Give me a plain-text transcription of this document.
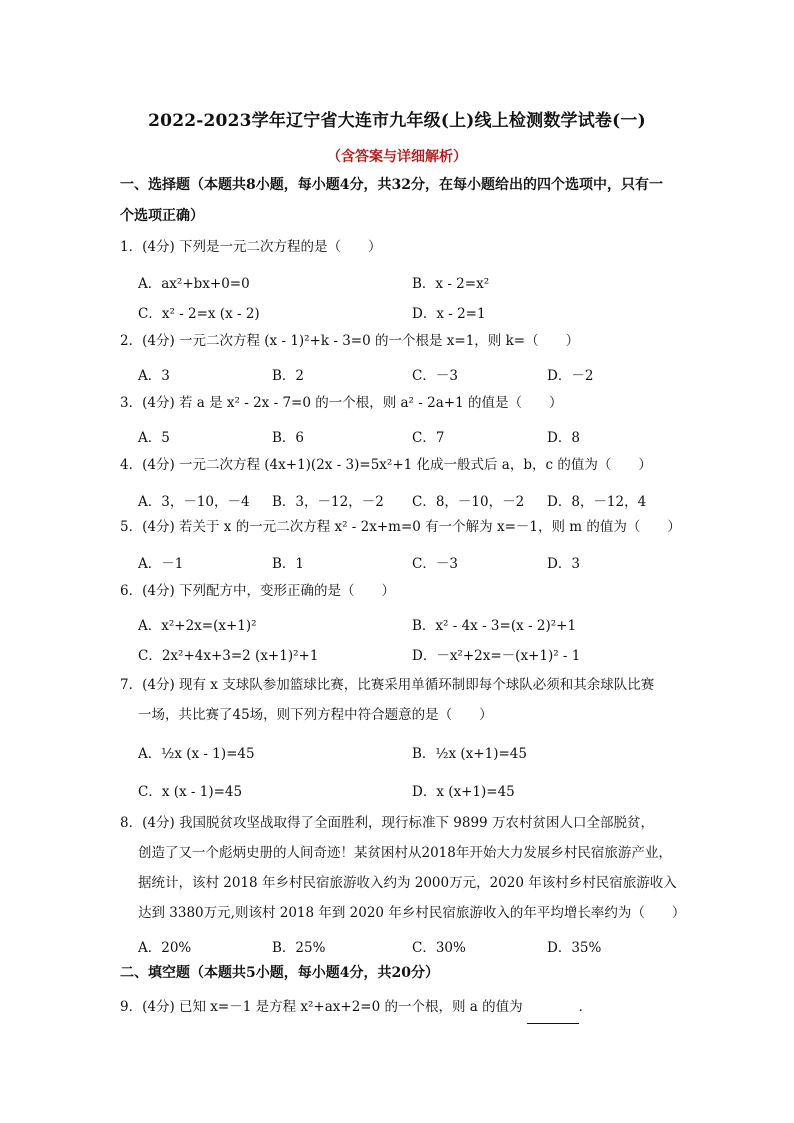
2022-2023学年辽宁省大连市九年级(上)线上检测数学试卷(一)
（含答案与详细解析）
一、选择题（本题共8小题，每小题4分，共32分，在每小题给出的四个选项中，只有一
个选项正确）
1．(4分) 下列是一元二次方程的是（　　）
A．ax²+bx+0=0	B．x - 2=x²
C．x² - 2=x (x - 2)	D．x - 2=1
2．(4分) 一元二次方程 (x - 1)²+k - 3=0 的一个根是 x=1，则 k=（　　）
A．3	B．2	C．－3	D．－2
3．(4分) 若 a 是 x² - 2x - 7=0 的一个根，则 a² - 2a+1 的值是（　　）
A．5	B．6	C．7	D．8
4．(4分) 一元二次方程 (4x+1)(2x - 3)=5x²+1 化成一般式后 a，b，c 的值为（　　）
A．3，－10，－4 B．3，－12，－2 C．8，－10，－2 D．8，－12，4
5．(4分) 若关于 x 的一元二次方程 x² - 2x+m=0 有一个解为 x=－1，则 m 的值为（　　）
A．－1	B．1	C．－3	D．3
6．(4分) 下列配方中，变形正确的是（　　）
A．x²+2x=(x+1)²	B．x² - 4x - 3=(x - 2)²+1
C．2x²+4x+3=2 (x+1)²+1	D．－x²+2x=－(x+1)² - 1
7．(4分) 现有 x 支球队参加篮球比赛，比赛采用单循环制即每个球队必须和其余球队比赛
一场，共比赛了45场，则下列方程中符合题意的是（　　）
A．½x (x - 1)=45	B．½x (x+1)=45
C．x (x - 1)=45	D．x (x+1)=45
8．(4分) 我国脱贫攻坚战取得了全面胜利，现行标准下 9899 万农村贫困人口全部脱贫，
创造了又一个彪炳史册的人间奇迹！某贫困村从2018年开始大力发展乡村民宿旅游产业，
据统计，该村 2018 年乡村民宿旅游收入约为 2000万元，2020 年该村乡村民宿旅游收入
达到 3380万元,则该村 2018 年到 2020 年乡村民宿旅游收入的年平均增长率约为（　　）
A．20%	B．25%	C．30%	D．35%
二、填空题（本题共5小题，每小题4分，共20分）
9．(4分) 已知 x=－1 是方程 x²+ax+2=0 的一个根，则 a 的值为	．
